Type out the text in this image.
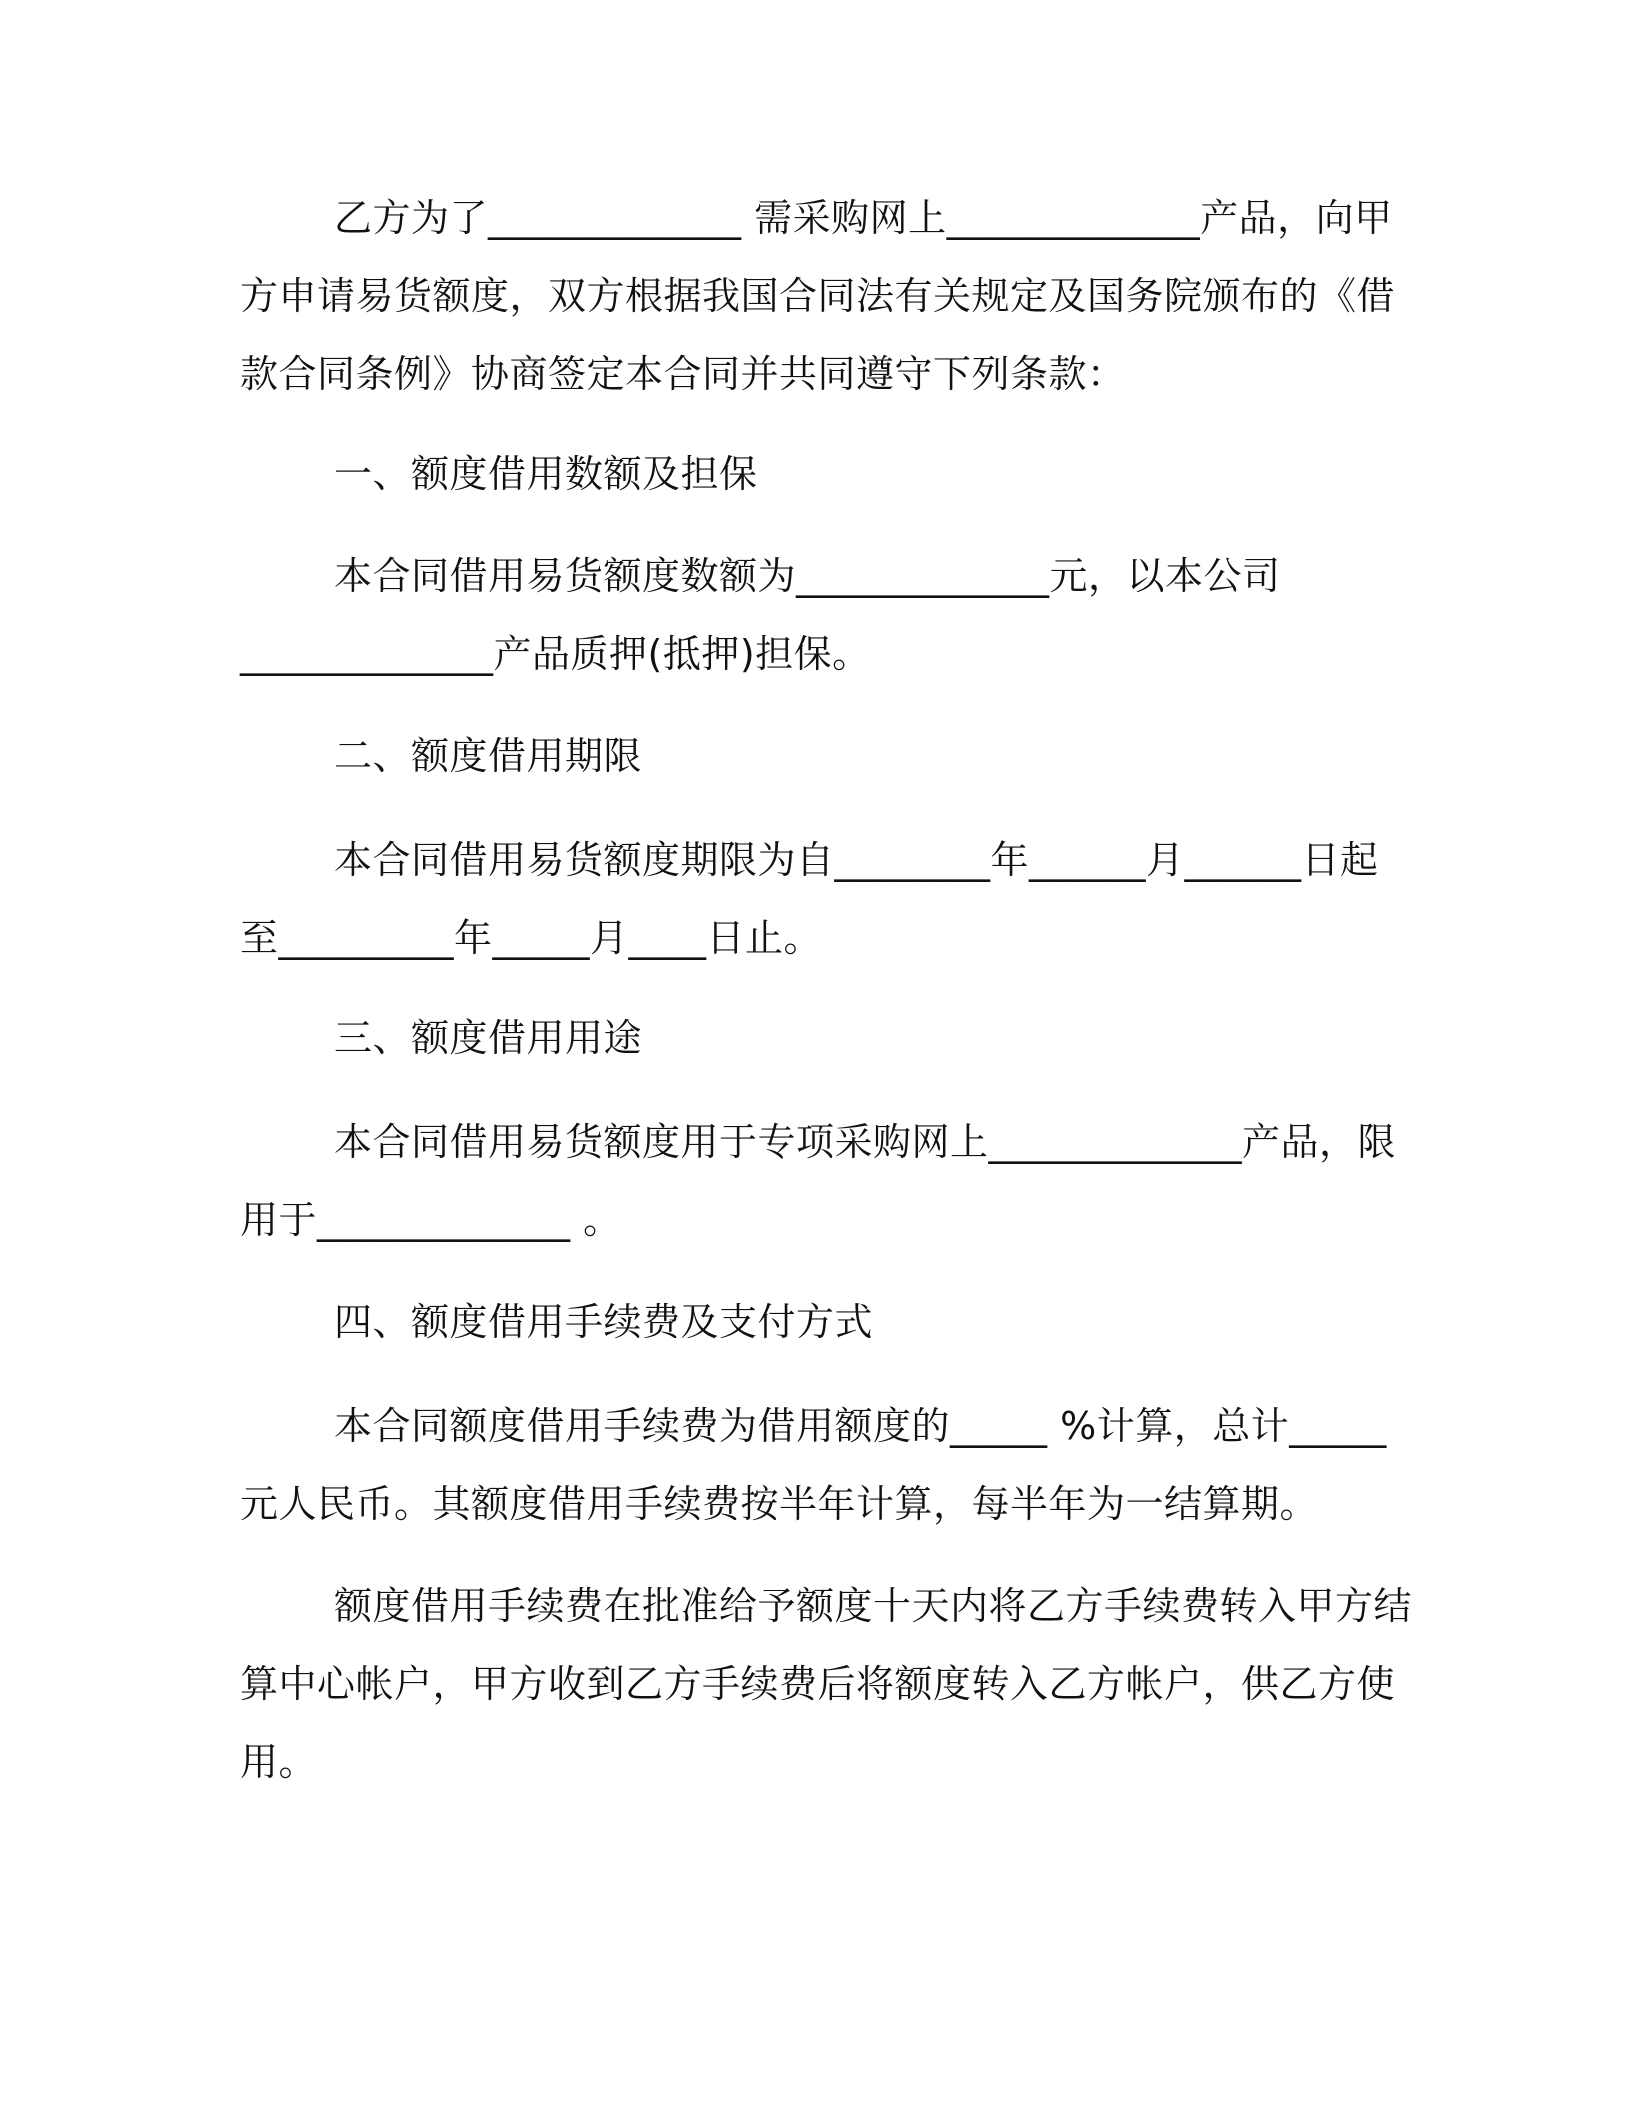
乙方为了_____________ 需采购网上_____________产品，向甲
方申请易货额度，双方根据我国合同法有关规定及国务院颁布的《借
款合同条例》协商签定本合同并共同遵守下列条款：
一、额度借用数额及担保
本合同借用易货额度数额为_____________元，以本公司
_____________产品质押(抵押)担保。
二、额度借用期限
本合同借用易货额度期限为自________年______月______日起
至_________年_____月____日止。
三、额度借用用途
本合同借用易货额度用于专项采购网上_____________产品，限
用于_____________ 。
四、额度借用手续费及支付方式
本合同额度借用手续费为借用额度的_____ %计算，总计_____
元人民币。其额度借用手续费按半年计算，每半年为一结算期。
额度借用手续费在批准给予额度十天内将乙方手续费转入甲方结
算中心帐户，甲方收到乙方手续费后将额度转入乙方帐户，供乙方使
用。
